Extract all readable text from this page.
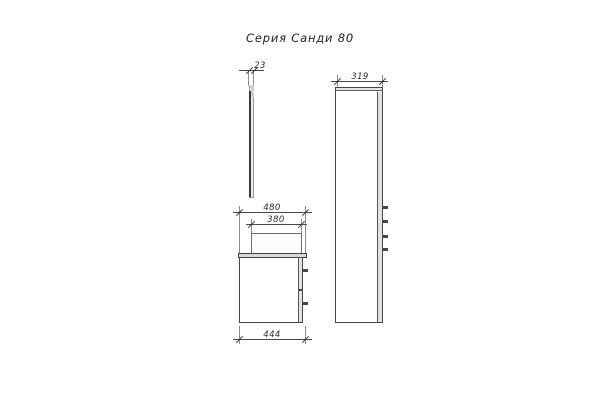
Серия Санди 80
23
480
380
444
319
